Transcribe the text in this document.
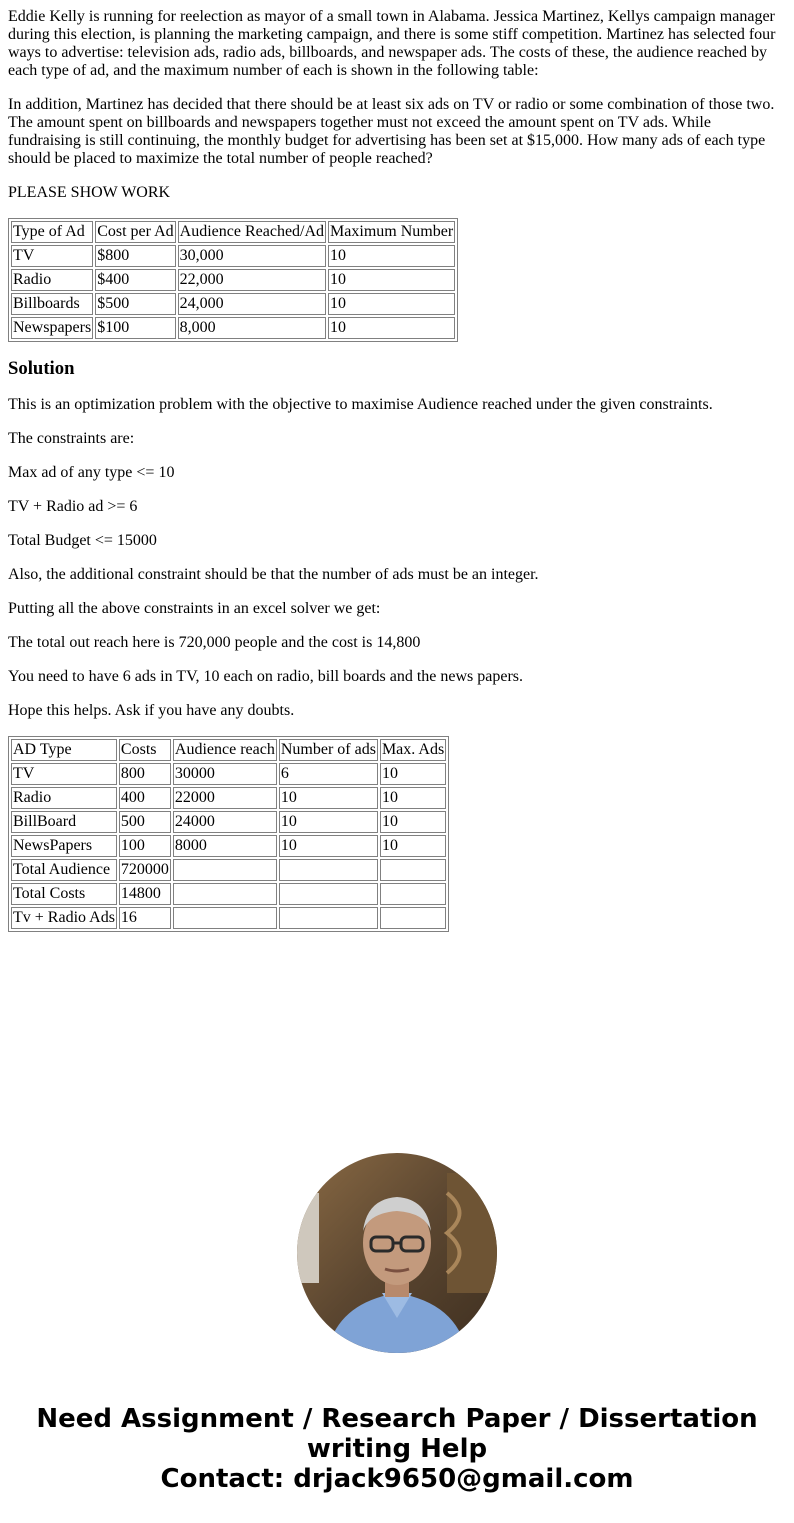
Eddie Kelly is running for reelection as mayor of a small town in Alabama. Jessica Martinez, Kellys campaign manager during this election, is planning the marketing campaign, and there is some stiff competition. Martinez has selected four ways to advertise: television ads, radio ads, billboards, and newspaper ads. The costs of these, the audience reached by each type of ad, and the maximum number of each is shown in the following table:

In addition, Martinez has decided that there should be at least six ads on TV or radio or some combination of those two. The amount spent on billboards and newspapers together must not exceed the amount spent on TV ads. While fundraising is still continuing, the monthly budget for advertising has been set at $15,000. How many ads of each type should be placed to maximize the total number of people reached?

PLEASE SHOW WORK

Type of Ad	Cost per Ad	Audience Reached/Ad	Maximum Number
TV	$800	30,000	10
Radio	$400	22,000	10
Billboards	$500	24,000	10
Newspapers	$100	8,000	10
Solution

This is an optimization problem with the objective to maximise Audience reached under the given constraints.

The constraints are:

Max ad of any type <= 10

TV + Radio ad >= 6

Total Budget <= 15000

Also, the additional constraint should be that the number of ads must be an integer.

Putting all the above constraints in an excel solver we get:

The total out reach here is 720,000 people and the cost is 14,800

You need to have 6 ads in TV, 10 each on radio, bill boards and the news papers.

Hope this helps. Ask if you have any doubts.

AD Type	Costs	Audience reach	Number of ads	Max. Ads
TV	800	30000	6	10
Radio	400	22000	10	10
BillBoard	500	24000	10	10
NewsPapers	100	8000	10	10
Total Audience	720000			
Total Costs	14800			
Tv + Radio Ads	16			
Need Assignment / Research Paper / Dissertation writing Help
Contact: drjack9650@gmail.com
